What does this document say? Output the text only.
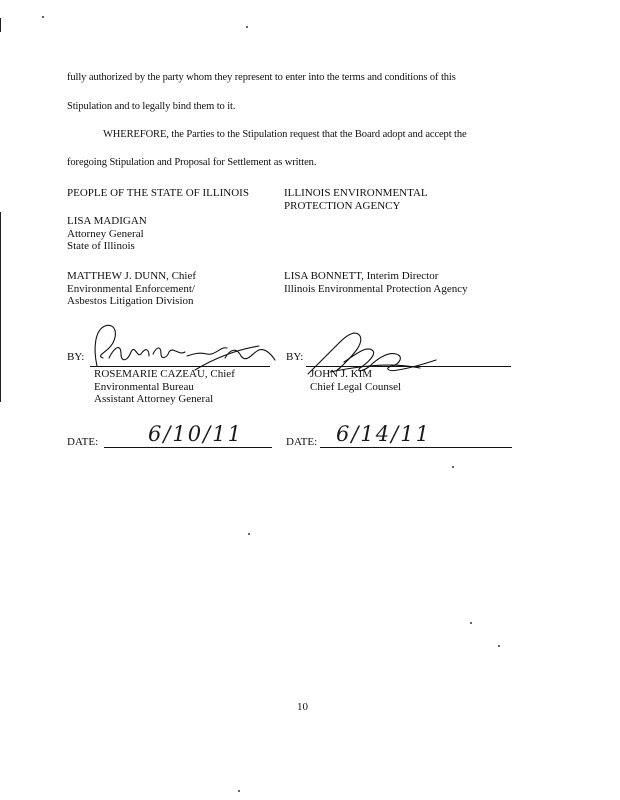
fully authorized by the party whom they represent to enter into the terms and conditions of this
Stipulation and to legally bind them to it.
WHEREFORE, the Parties to the Stipulation request that the Board adopt and accept the
foregoing Stipulation and Proposal for Settlement as written.
PEOPLE OF THE STATE OF ILLINOIS	ILLINOIS ENVIRONMENTAL
PROTECTION AGENCY
LISA MADIGAN
Attorney General
State of Illinois
MATTHEW J. DUNN, Chief
Environmental Enforcement/
Asbestos Litigation Division
LISA BONNETT, Interim Director
Illinois Environmental Protection Agency
BY:	BY:
ROSEMARIE CAZEAU, Chief
Environmental Bureau
Assistant Attorney General
JOHN J. KIM
Chief Legal Counsel
DATE: 6/10/11	DATE: 6/14/11
10
